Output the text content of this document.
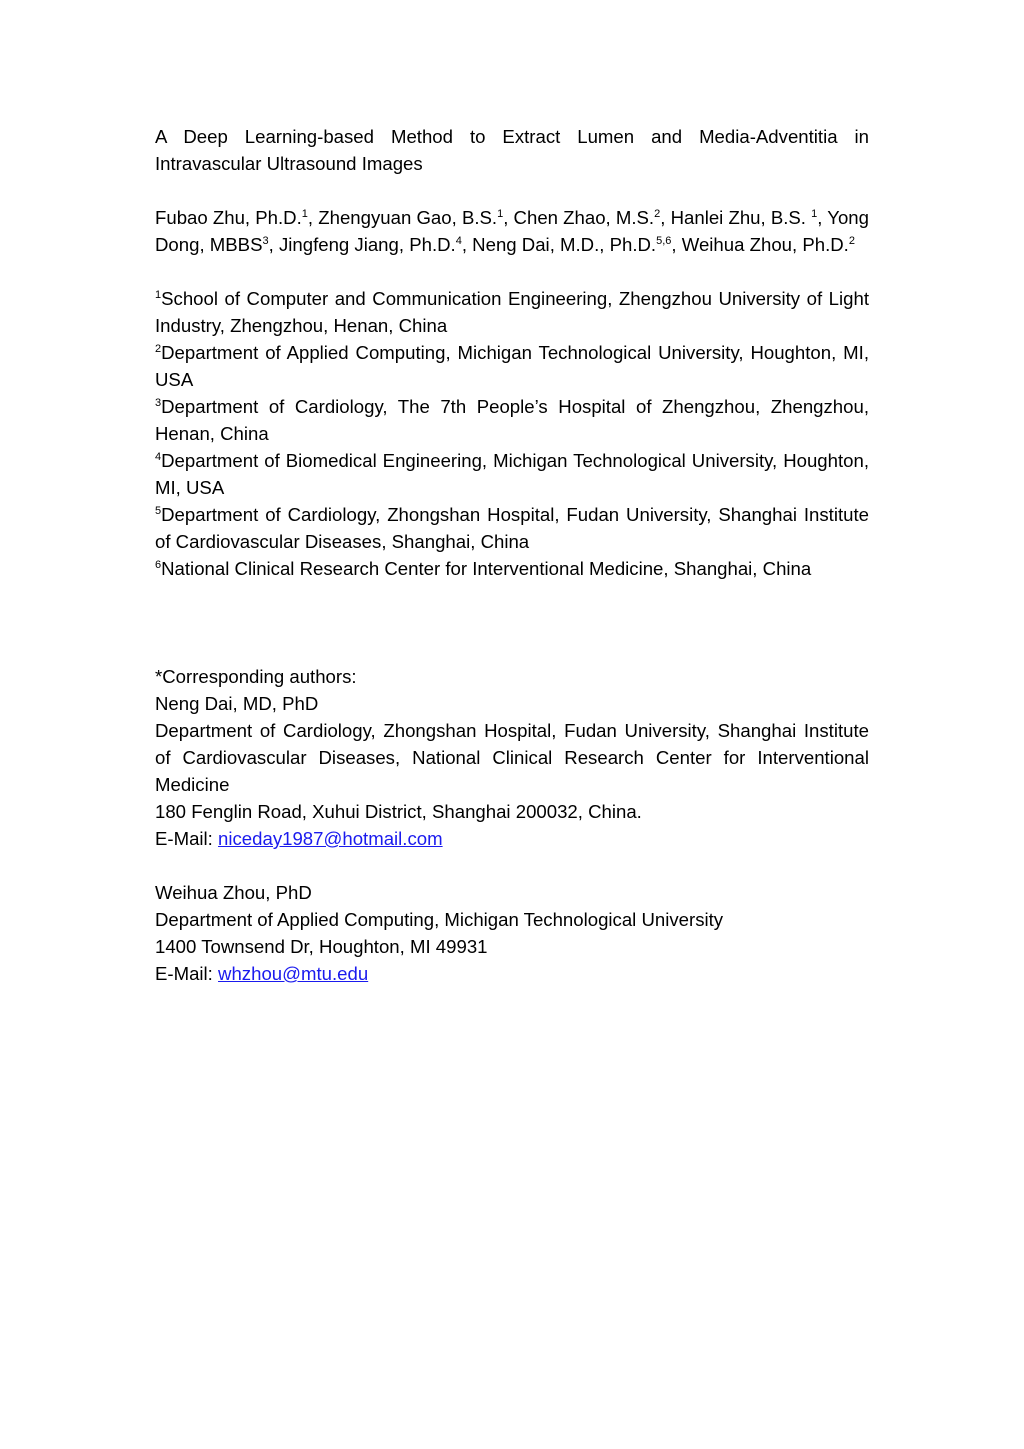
A Deep Learning-based Method to Extract Lumen and Media-Adventitia in Intravascular Ultrasound Images

Fubao Zhu, Ph.D.$^1$, Zhengyuan Gao, B.S.$^1$, Chen Zhao, M.S.$^2$, Hanlei Zhu, B.S. $^1$, Yong Dong, MBBS$^3$, Jingfeng Jiang, Ph.D.$^4$, Neng Dai, M.D., Ph.D.$^{5,6}$, Weihua Zhou, Ph.D.$^2$

$^1$School of Computer and Communication Engineering, Zhengzhou University of Light Industry, Zhengzhou, Henan, China

$^2$Department of Applied Computing, Michigan Technological University, Houghton, MI, USA

$^3$Department of Cardiology, The 7th People’s Hospital of Zhengzhou, Zhengzhou, Henan, China

$^4$Department of Biomedical Engineering, Michigan Technological University, Houghton, MI, USA

$^5$Department of Cardiology, Zhongshan Hospital, Fudan University, Shanghai Institute of Cardiovascular Diseases, Shanghai, China

$^6$National Clinical Research Center for Interventional Medicine, Shanghai, China

*Corresponding authors:

Neng Dai, MD, PhD

Department of Cardiology, Zhongshan Hospital, Fudan University, Shanghai Institute of Cardiovascular Diseases, National Clinical Research Center for Interventional Medicine

180 Fenglin Road, Xuhui District, Shanghai 200032, China.

E-Mail: niceday1987@hotmail.com

Weihua Zhou, PhD

Department of Applied Computing, Michigan Technological University

1400 Townsend Dr, Houghton, MI 49931

E-Mail: whzhou@mtu.edu
